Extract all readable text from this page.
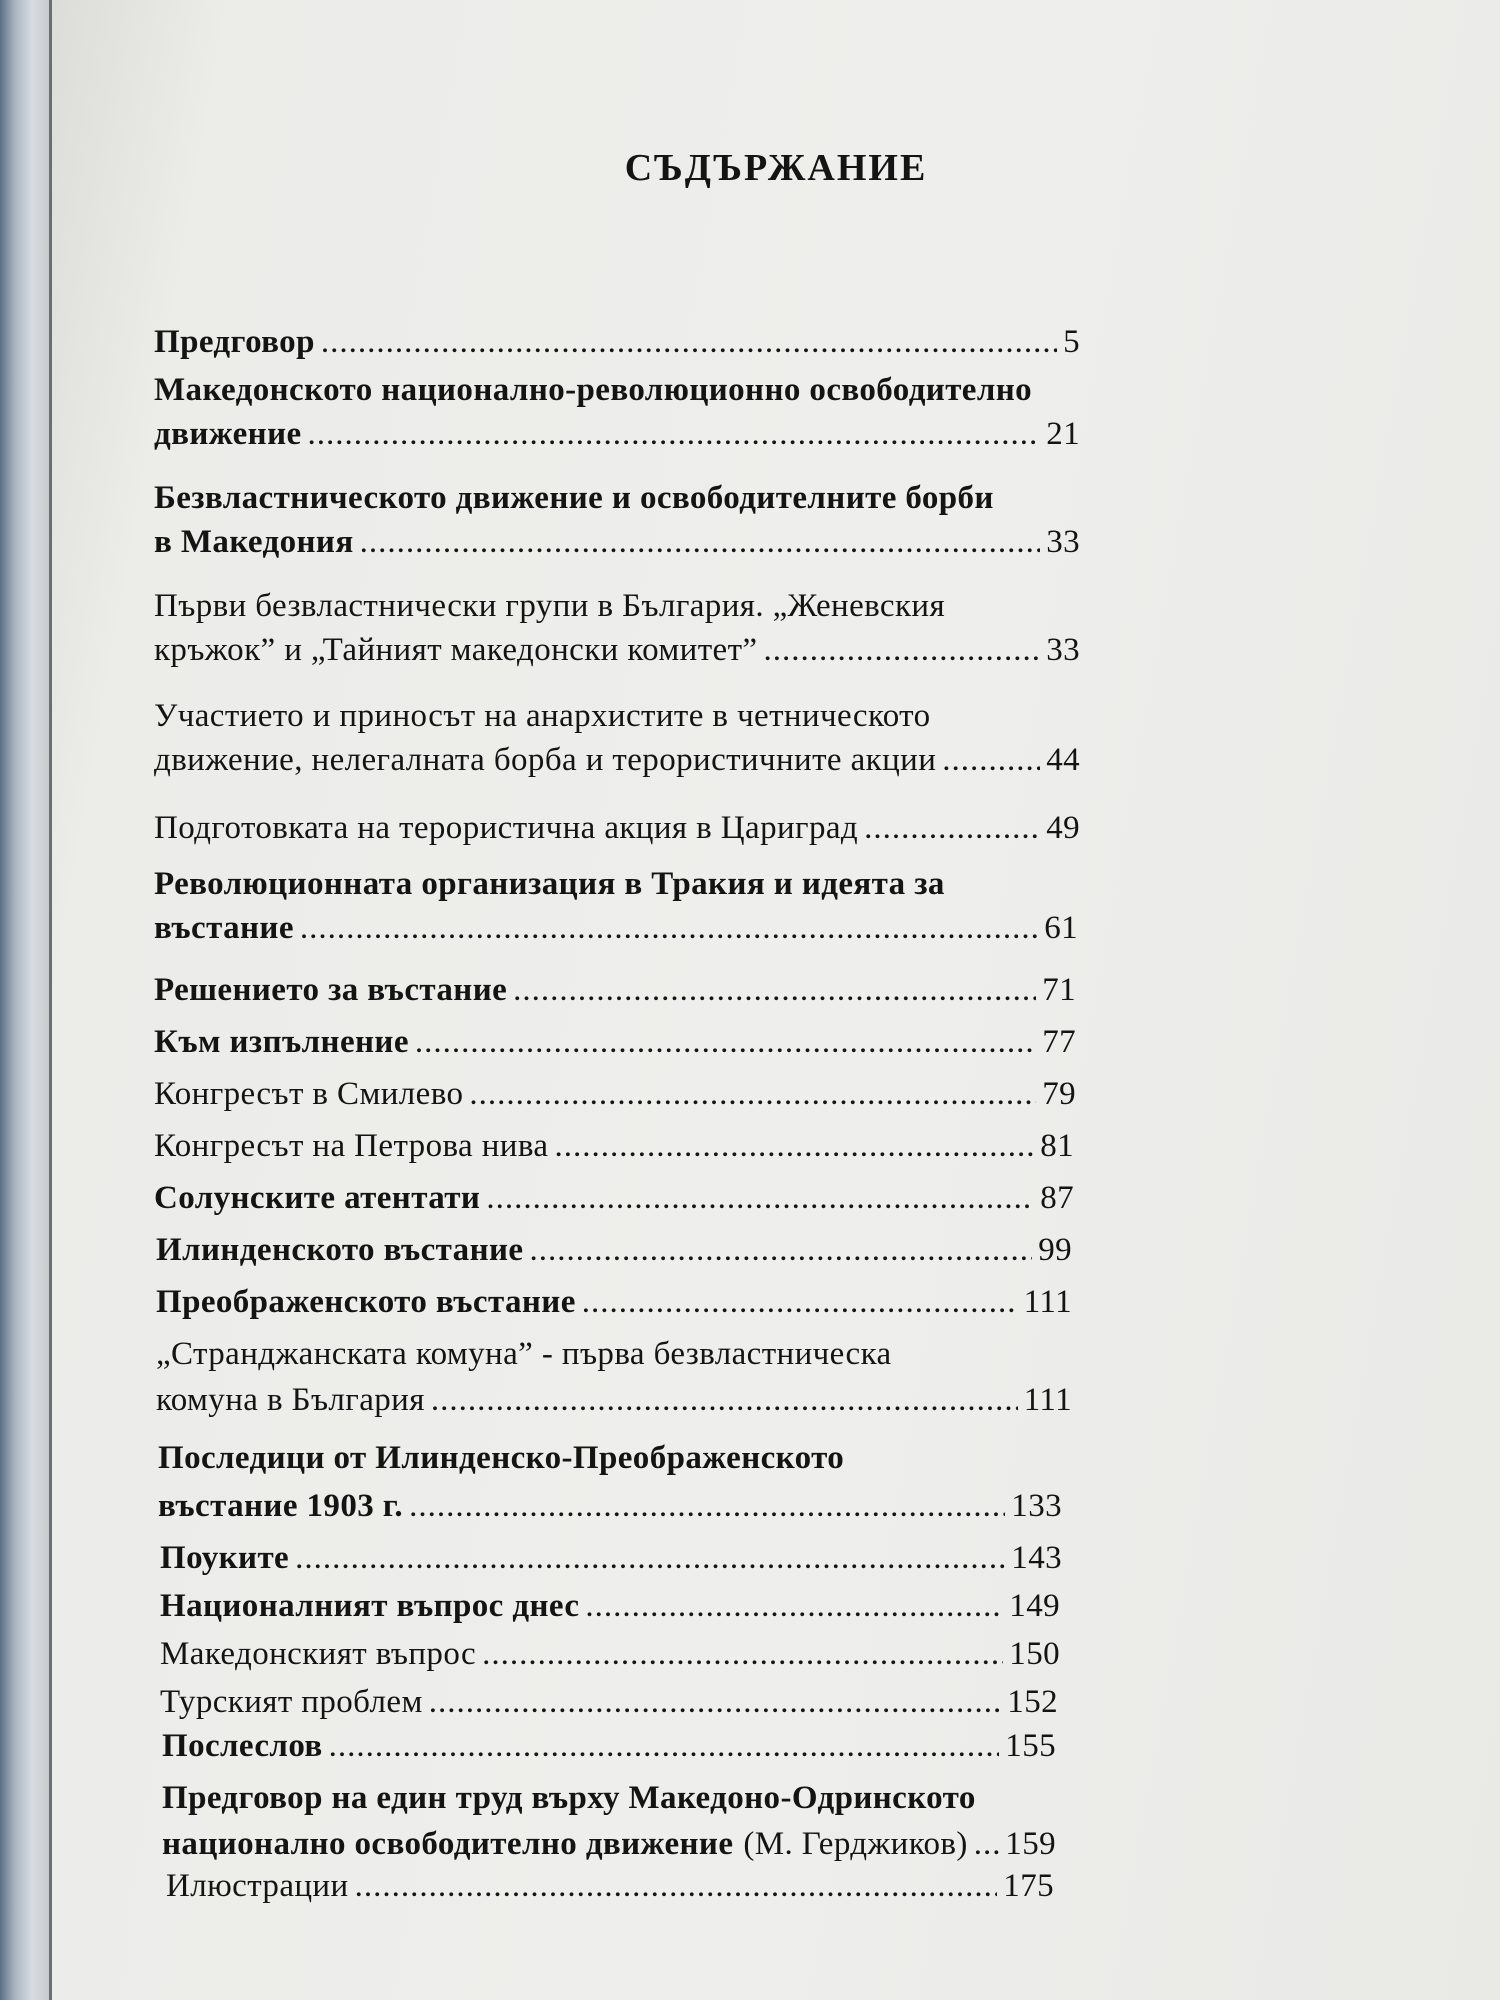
СЪДЪРЖАНИЕ
Предговор .....	5
Македонското национално-революционно освободително
движение .....	21
Безвластническото движение и освободителните борби
в Македония .....	33
Първи безвластнически групи в България. „Женевския
кръжок” и „Тайният македонски комитет” .....	33
Участието и приносът на анархистите в четническото
движение, нелегалната борба и терористичните акции .....	44
Подготовката на терористична акция в Цариград .....	49
Революционната организация в Тракия и идеята за
въстание .....	61
Решението за въстание .....	71
Към изпълнение .....	77
Конгресът в Смилево .....	79
Конгресът на Петрова нива .....	81
Солунските атентати .....	87
Илинденското въстание .....	99
Преображенското въстание .....	111
„Странджанската комуна” - първа безвластническа
комуна в България .....	111
Последици от Илинденско-Преображенското
въстание 1903 г. .....	133
Поуките .....	143
Националният въпрос днес .....	149
Македонският въпрос .....	150
Турският проблем .....	152
Послеслов .....	155
Предговор на един труд върху Македоно-Одринското
национално освободително движение (М. Герджиков) ..... 159
Илюстрации .....	175
